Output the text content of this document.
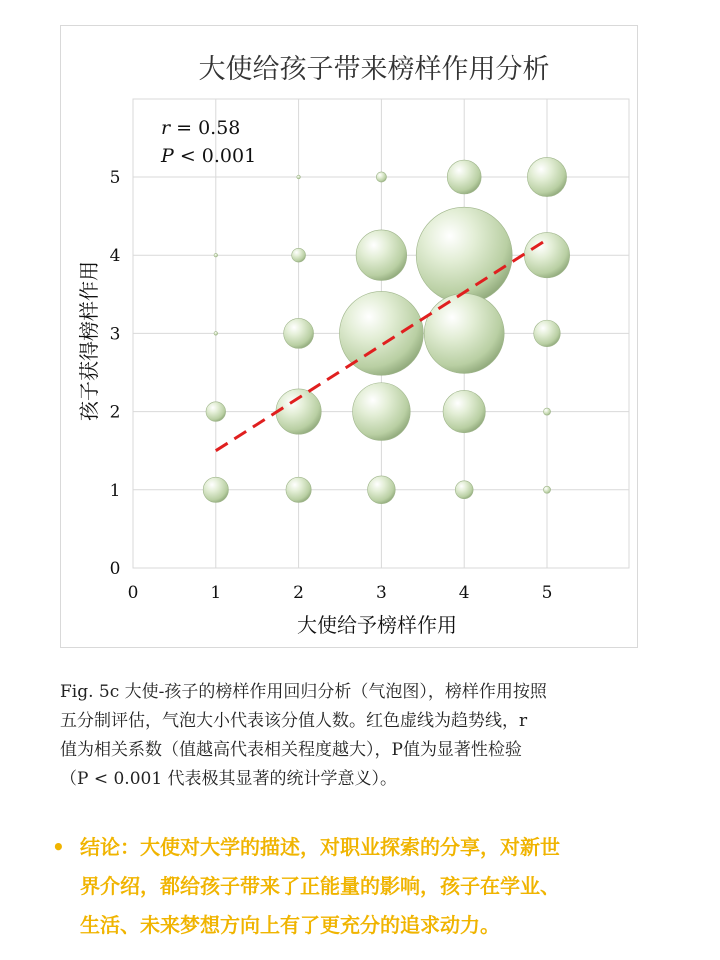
大使给孩子带来榜样作用分析
0	1	2	3	4	5
0
1
2
3
4
5
r = 0.58
P < 0.001
大使给予榜样作用
孩子获得榜样作用

Fig. 5c 大使-孩子的榜样作用回归分析（气泡图），榜样作用按照

五分制评估，气泡大小代表该分值人数。红色虚线为趋势线，r

值为相关系数（值越高代表相关程度越大），P值为显著性检验

（P < 0.001 代表极其显著的统计学意义）。

• 结论：大使对大学的描述，对职业探索的分享，对新世
界介绍，都给孩子带来了正能量的影响，孩子在学业、
生活、未来梦想方向上有了更充分的追求动力。
